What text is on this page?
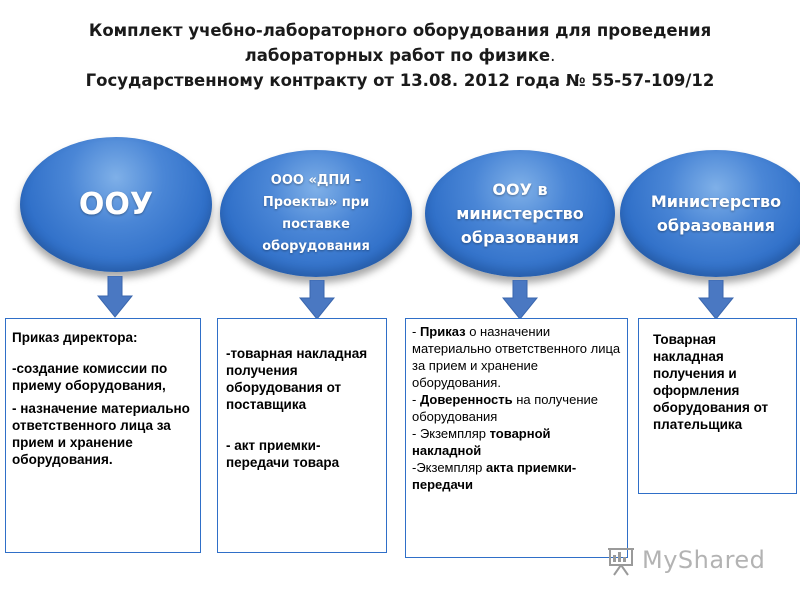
Комплект учебно-лабораторного оборудования для проведения
лабораторных работ по физике.
Государственному контракту от 13.08. 2012 года № 55-57-109/12
ООУ
ООО «ДПИ –
Проекты» при
поставке
оборудования
ООУ в
министерство
образования
Министерство
образования
Приказ директора:
-создание комиссии по приему оборудования,
- назначение материально ответственного лица за прием и хранение оборудования.
-товарная накладная получения оборудования от поставщика
- акт приемки-передачи товара
- Приказ о назначении материально ответственного лица за прием и хранение оборудования.
- Доверенность на получение оборудования
- Экземпляр товарной накладной
-Экземпляр акта приемки- передачи
Товарная накладная получения и оформления оборудования от плательщика
MyShared
